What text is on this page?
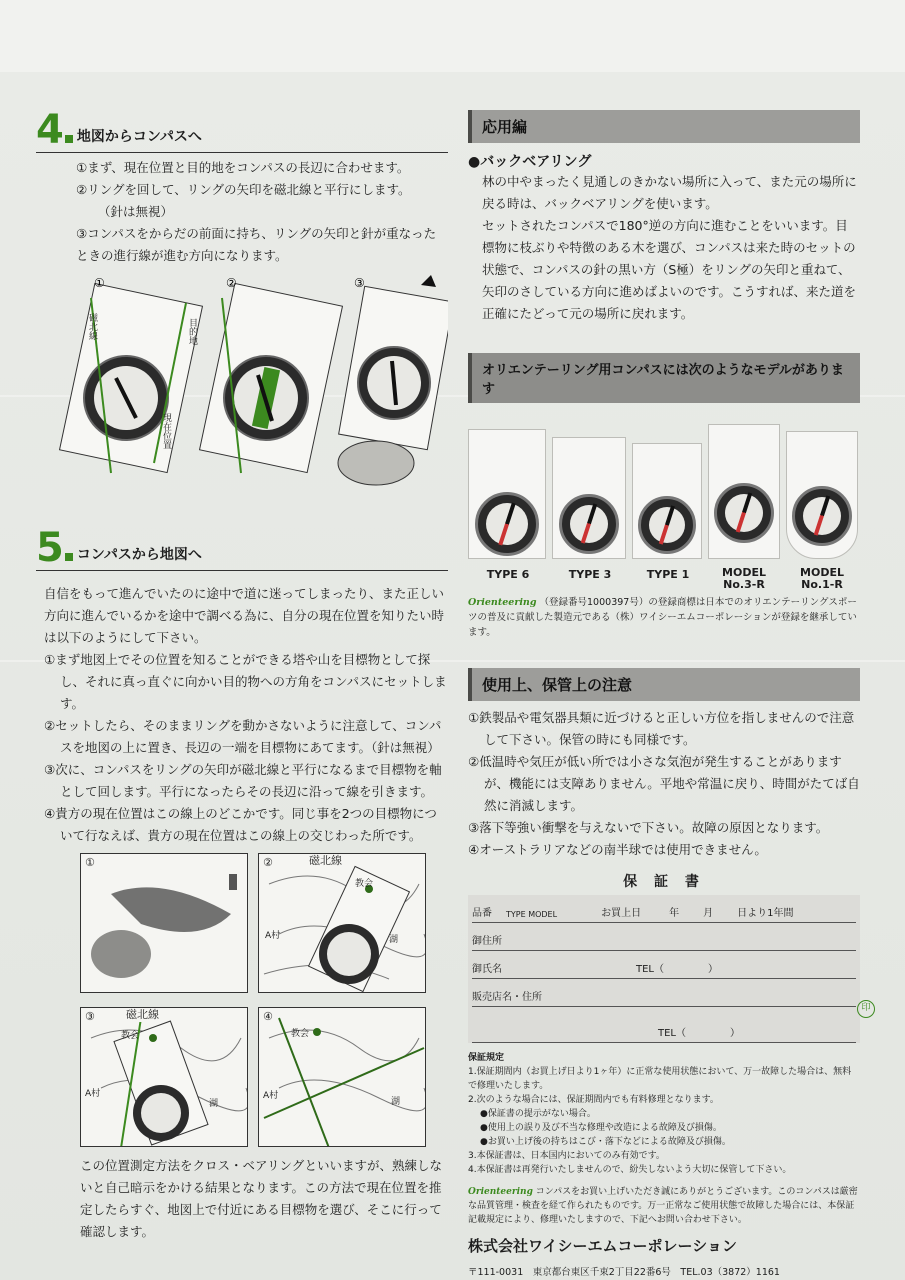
4 地図からコンパスへ
①まず、現在位置と目的地をコンパスの長辺に合わせます。
②リングを回して、リングの矢印を磁北線と平行にします。
（針は無視）
③コンパスをからだの前面に持ち、リングの矢印と針が重なったときの進行線が進む方向になります。
①	②	③
磁北線	目的地
現在位置
5 コンパスから地図へ
自信をもって進んでいたのに途中で道に迷ってしまったり、また正しい方向に進んでいるかを途中で調べる為に、自分の現在位置を知りたい時は以下のようにして下さい。
①まず地図上でその位置を知ることができる塔や山を目標物として探し、それに真っ直ぐに向かい目的物への方角をコンパスにセットします。
②セットしたら、そのままリングを動かさないように注意して、コンパスを地図の上に置き、長辺の一端を目標物にあてます。（針は無視）
③次に、コンパスをリングの矢印が磁北線と平行になるまで目標物を軸として回します。平行になったらその長辺に沿って線を引きます。
④貴方の現在位置はこの線上のどこかです。同じ事を2つの目標物について行なえば、貴方の現在位置はこの線上の交じわった所です。
①	②	磁北線
教会
A村	湖
③	磁北線
教会
A村
湖
④
教会
A村
湖
この位置測定方法をクロス・ベアリングといいますが、熟練しないと自己暗示をかける結果となります。この方法で現在位置を推定したらすぐ、地図上で付近にある目標物を選び、そこに行って確認します。
応用編
●バックベアリング
林の中やまったく見通しのきかない場所に入って、また元の場所に戻る時は、バックベアリングを使います。
セットされたコンパスで180°逆の方向に進むことをいいます。目標物に枝ぶりや特徴のある木を選び、コンパスは来た時のセットの状態で、コンパスの針の黒い方（S極）をリングの矢印と重ねて、矢印のさしている方向に進めばよいのです。こうすれば、来た道を正確にたどって元の場所に戻れます。
オリエンテーリング用コンパスには次のようなモデルがあります
TYPE 6	TYPE 3	TYPE 1	MODEL
No.3-R
MODEL
No.1-R
Orienteering （登録番号1000397号）の登録商標は日本でのオリエンテーリングスポーツの普及に貢献した製造元である（株）ワイシーエムコーポレーションが登録を継承しています。
使用上、保管上の注意
①鉄製品や電気器具類に近づけると正しい方位を指しませんので注意して下さい。保管の時にも同様です。
②低温時や気圧が低い所では小さな気泡が発生することがありますが、機能には支障ありません。平地や常温に戻り、時間がたてば自然に消滅します。
③落下等強い衝撃を与えないで下さい。故障の原因となります。
④オーストラリアなどの南半球では使用できません。
保 証 書
品番 TYPE MODEL	お買上日	年 月 日より1年間
御住所
御氏名	TEL（	）
販売店名・住所
TEL（	）
保証規定
1.保証期間内（お買上げ日より1ヶ年）に正常な使用状態において、万一故障した場合は、無料で修理いたします。
2.次のような場合には、保証期間内でも有料修理となります。
●保証書の提示がない場合。
●使用上の誤り及び不当な修理や改造による故障及び損傷。
●お買い上げ後の持ちはこび・落下などによる故障及び損傷。
3.本保証書は、日本国内においてのみ有効です。
4.本保証書は再発行いたしませんので、紛失しないよう大切に保管して下さい。
Orienteering コンパスをお買い上げいただき誠にありがとうございます。このコンパスは厳密な品質管理・検査を経て作られたものです。万一正常なご使用状態で故障した場合には、本保証記載規定により、修理いたしますので、下記へお問い合わせ下さい。
株式会社ワイシーエムコーポレーション
〒111-0031　東京都台東区千束2丁目22番6号　TEL.03（3872）1161
印
